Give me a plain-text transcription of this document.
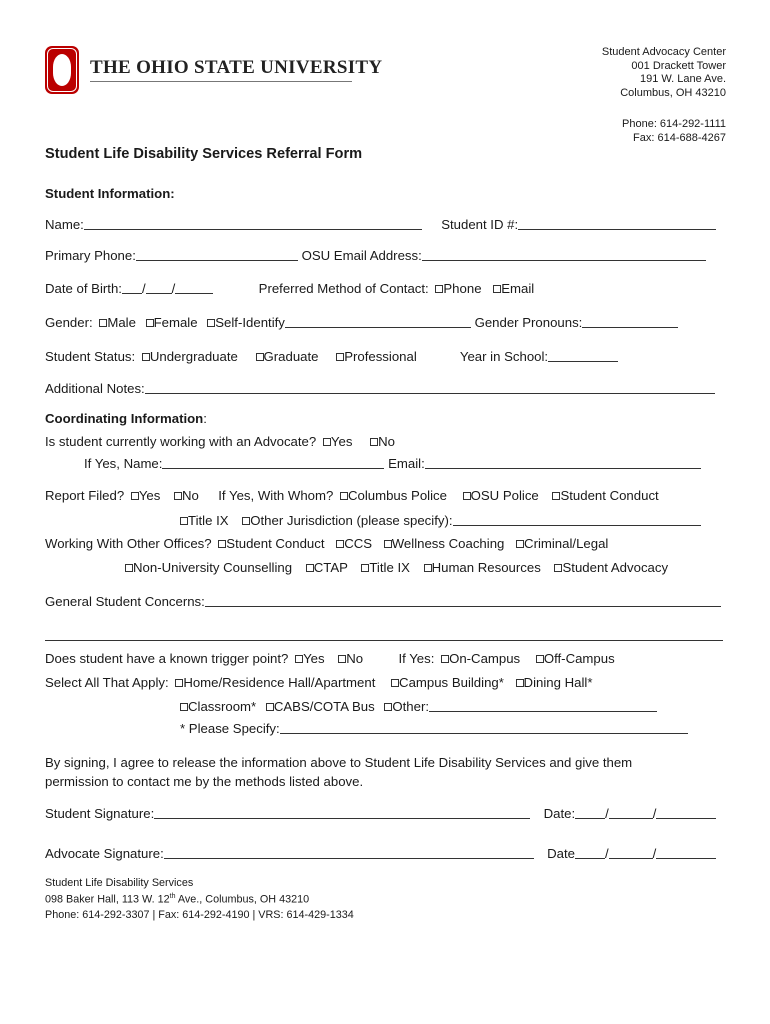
THE OHIO STATE UNIVERSITY
Student Advocacy Center
001 Drackett Tower
191 W. Lane Ave.
Columbus, OH 43210
Phone: 614-292-1111
Fax: 614-688-4267
Student Life Disability Services Referral Form
Student Information:
Name:	Student ID #:
Primary Phone:	OSU Email Address:
Date of Birth: / /	Preferred Method of Contact: Phone Email
Gender: Male Female Self-Identify	Gender Pronouns:
Student Status: Undergraduate Graduate Professional	Year in School:
Additional Notes:
Coordinating Information:
Is student currently working with an Advocate? Yes No
If Yes, Name:	Email:
Report Filed? Yes No If Yes, With Whom? Columbus Police OSU Police Student Conduct
Title IX Other Jurisdiction (please specify):
Working With Other Offices? Student Conduct CCS Wellness Coaching Criminal/Legal
Non-University Counselling CTAP Title IX Human Resources Student Advocacy
General Student Concerns:
Does student have a known trigger point? Yes No	If Yes: On-Campus Off-Campus
Select All That Apply: Home/Residence Hall/Apartment Campus Building* Dining Hall*
Classroom* CABS/COTA Bus Other:
* Please Specify:
By signing, I agree to release the information above to Student Life Disability Services and give them
permission to contact me by the methods listed above.
Student Signature:	Date: /	/
Advocate Signature:	Date /	/
Student Life Disability Services
098 Baker Hall, 113 W. 12th Ave., Columbus, OH 43210
Phone: 614-292-3307 | Fax: 614-292-4190 | VRS: 614-429-1334
